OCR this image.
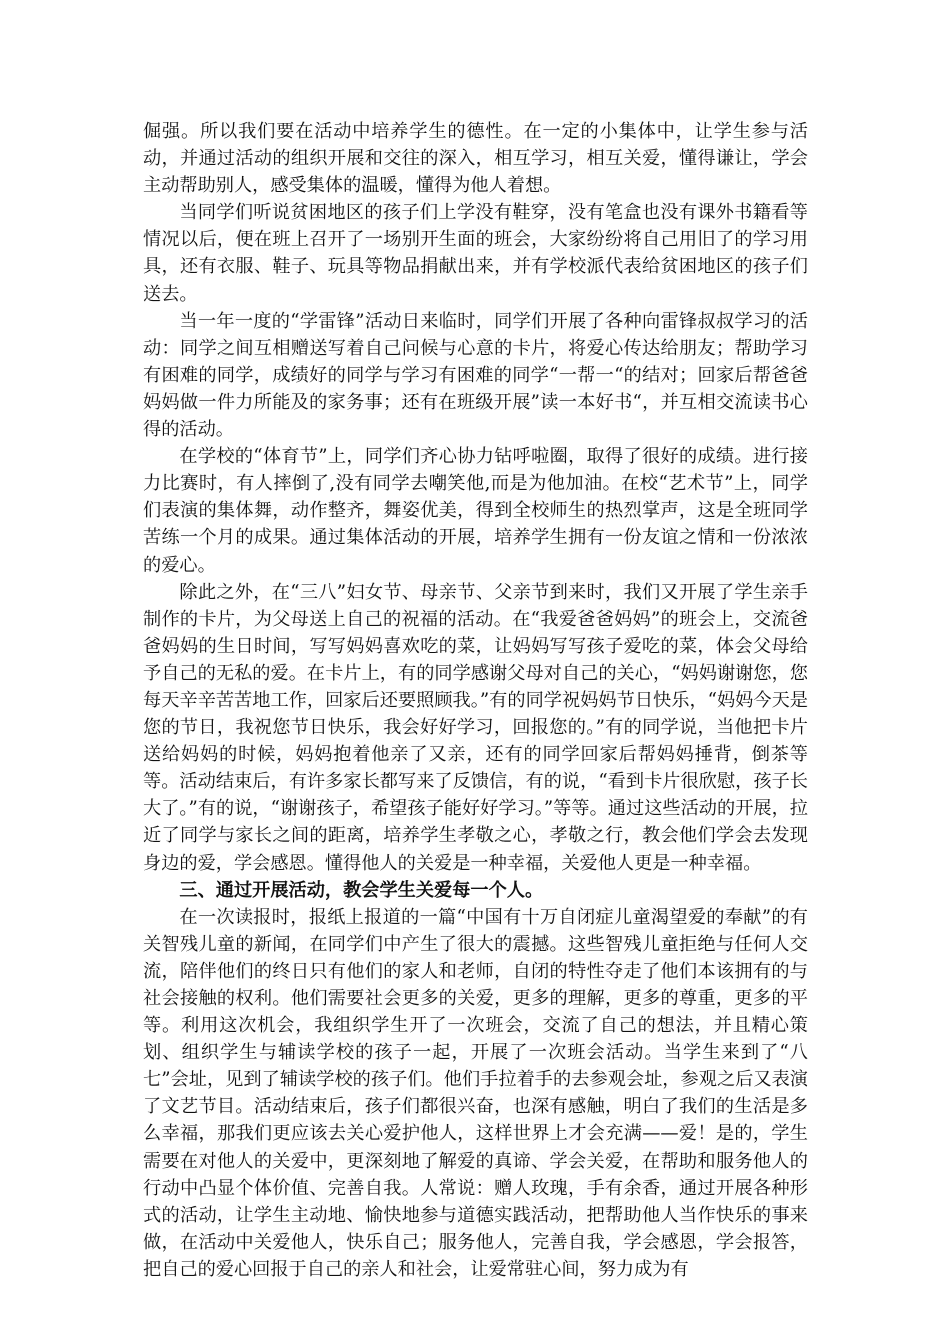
倔强。所以我们要在活动中培养学生的德性。在一定的小集体中，让学生参与活动，并通过活动的组织开展和交往的深入，相互学习，相互关爱，懂得谦让，学会主动帮助别人，感受集体的温暖，懂得为他人着想。

当同学们听说贫困地区的孩子们上学没有鞋穿，没有笔盒也没有课外书籍看等情况以后，便在班上召开了一场别开生面的班会，大家纷纷将自己用旧了的学习用具，还有衣服、鞋子、玩具等物品捐献出来，并有学校派代表给贫困地区的孩子们送去。

当一年一度的“学雷锋”活动日来临时，同学们开展了各种向雷锋叔叔学习的活动：同学之间互相赠送写着自己问候与心意的卡片，将爱心传达给朋友；帮助学习有困难的同学，成绩好的同学与学习有困难的同学“一帮一“的结对；回家后帮爸爸妈妈做一件力所能及的家务事；还有在班级开展”读一本好书“，并互相交流读书心得的活动。

在学校的“体育节”上，同学们齐心协力钻呼啦圈，取得了很好的成绩。进行接力比赛时，有人摔倒了,没有同学去嘲笑他,而是为他加油。在校“艺术节”上，同学们表演的集体舞，动作整齐，舞姿优美，得到全校师生的热烈掌声，这是全班同学苦练一个月的成果。通过集体活动的开展，培养学生拥有一份友谊之情和一份浓浓的爱心。

除此之外，在“三八”妇女节、母亲节、父亲节到来时，我们又开展了学生亲手制作的卡片，为父母送上自己的祝福的活动。在“我爱爸爸妈妈”的班会上，交流爸爸妈妈的生日时间，写写妈妈喜欢吃的菜，让妈妈写写孩子爱吃的菜，体会父母给予自己的无私的爱。在卡片上，有的同学感谢父母对自己的关心，“妈妈谢谢您，您每天辛辛苦苦地工作，回家后还要照顾我。”有的同学祝妈妈节日快乐，“妈妈今天是您的节日，我祝您节日快乐，我会好好学习，回报您的。”有的同学说，当他把卡片送给妈妈的时候，妈妈抱着他亲了又亲，还有的同学回家后帮妈妈捶背，倒茶等等。活动结束后，有许多家长都写来了反馈信，有的说，“看到卡片很欣慰，孩子长大了。”有的说，“谢谢孩子，希望孩子能好好学习。”等等。通过这些活动的开展，拉近了同学与家长之间的距离，培养学生孝敬之心，孝敬之行，教会他们学会去发现身边的爱，学会感恩。懂得他人的关爱是一种幸福，关爱他人更是一种幸福。

三、通过开展活动，教会学生关爱每一个人。

在一次读报时，报纸上报道的一篇“中国有十万自闭症儿童渴望爱的奉献”的有关智残儿童的新闻，在同学们中产生了很大的震撼。这些智残儿童拒绝与任何人交流，陪伴他们的终日只有他们的家人和老师，自闭的特性夺走了他们本该拥有的与社会接触的权利。他们需要社会更多的关爱，更多的理解，更多的尊重，更多的平等。利用这次机会，我组织学生开了一次班会，交流了自己的想法，并且精心策划、组织学生与辅读学校的孩子一起，开展了一次班会活动。当学生来到了“八七”会址，见到了辅读学校的孩子们。他们手拉着手的去参观会址，参观之后又表演了文艺节目。活动结束后，孩子们都很兴奋，也深有感触，明白了我们的生活是多么幸福，那我们更应该去关心爱护他人，这样世界上才会充满——爱！是的，学生需要在对他人的关爱中，更深刻地了解爱的真谛、学会关爱，在帮助和服务他人的行动中凸显个体价值、完善自我。人常说：赠人玫瑰，手有余香，通过开展各种形式的活动，让学生主动地、愉快地参与道德实践活动，把帮助他人当作快乐的事来做，在活动中关爱他人，快乐自己；服务他人，完善自我，学会感恩，学会报答，把自己的爱心回报于自己的亲人和社会，让爱常驻心间，努力成为有
